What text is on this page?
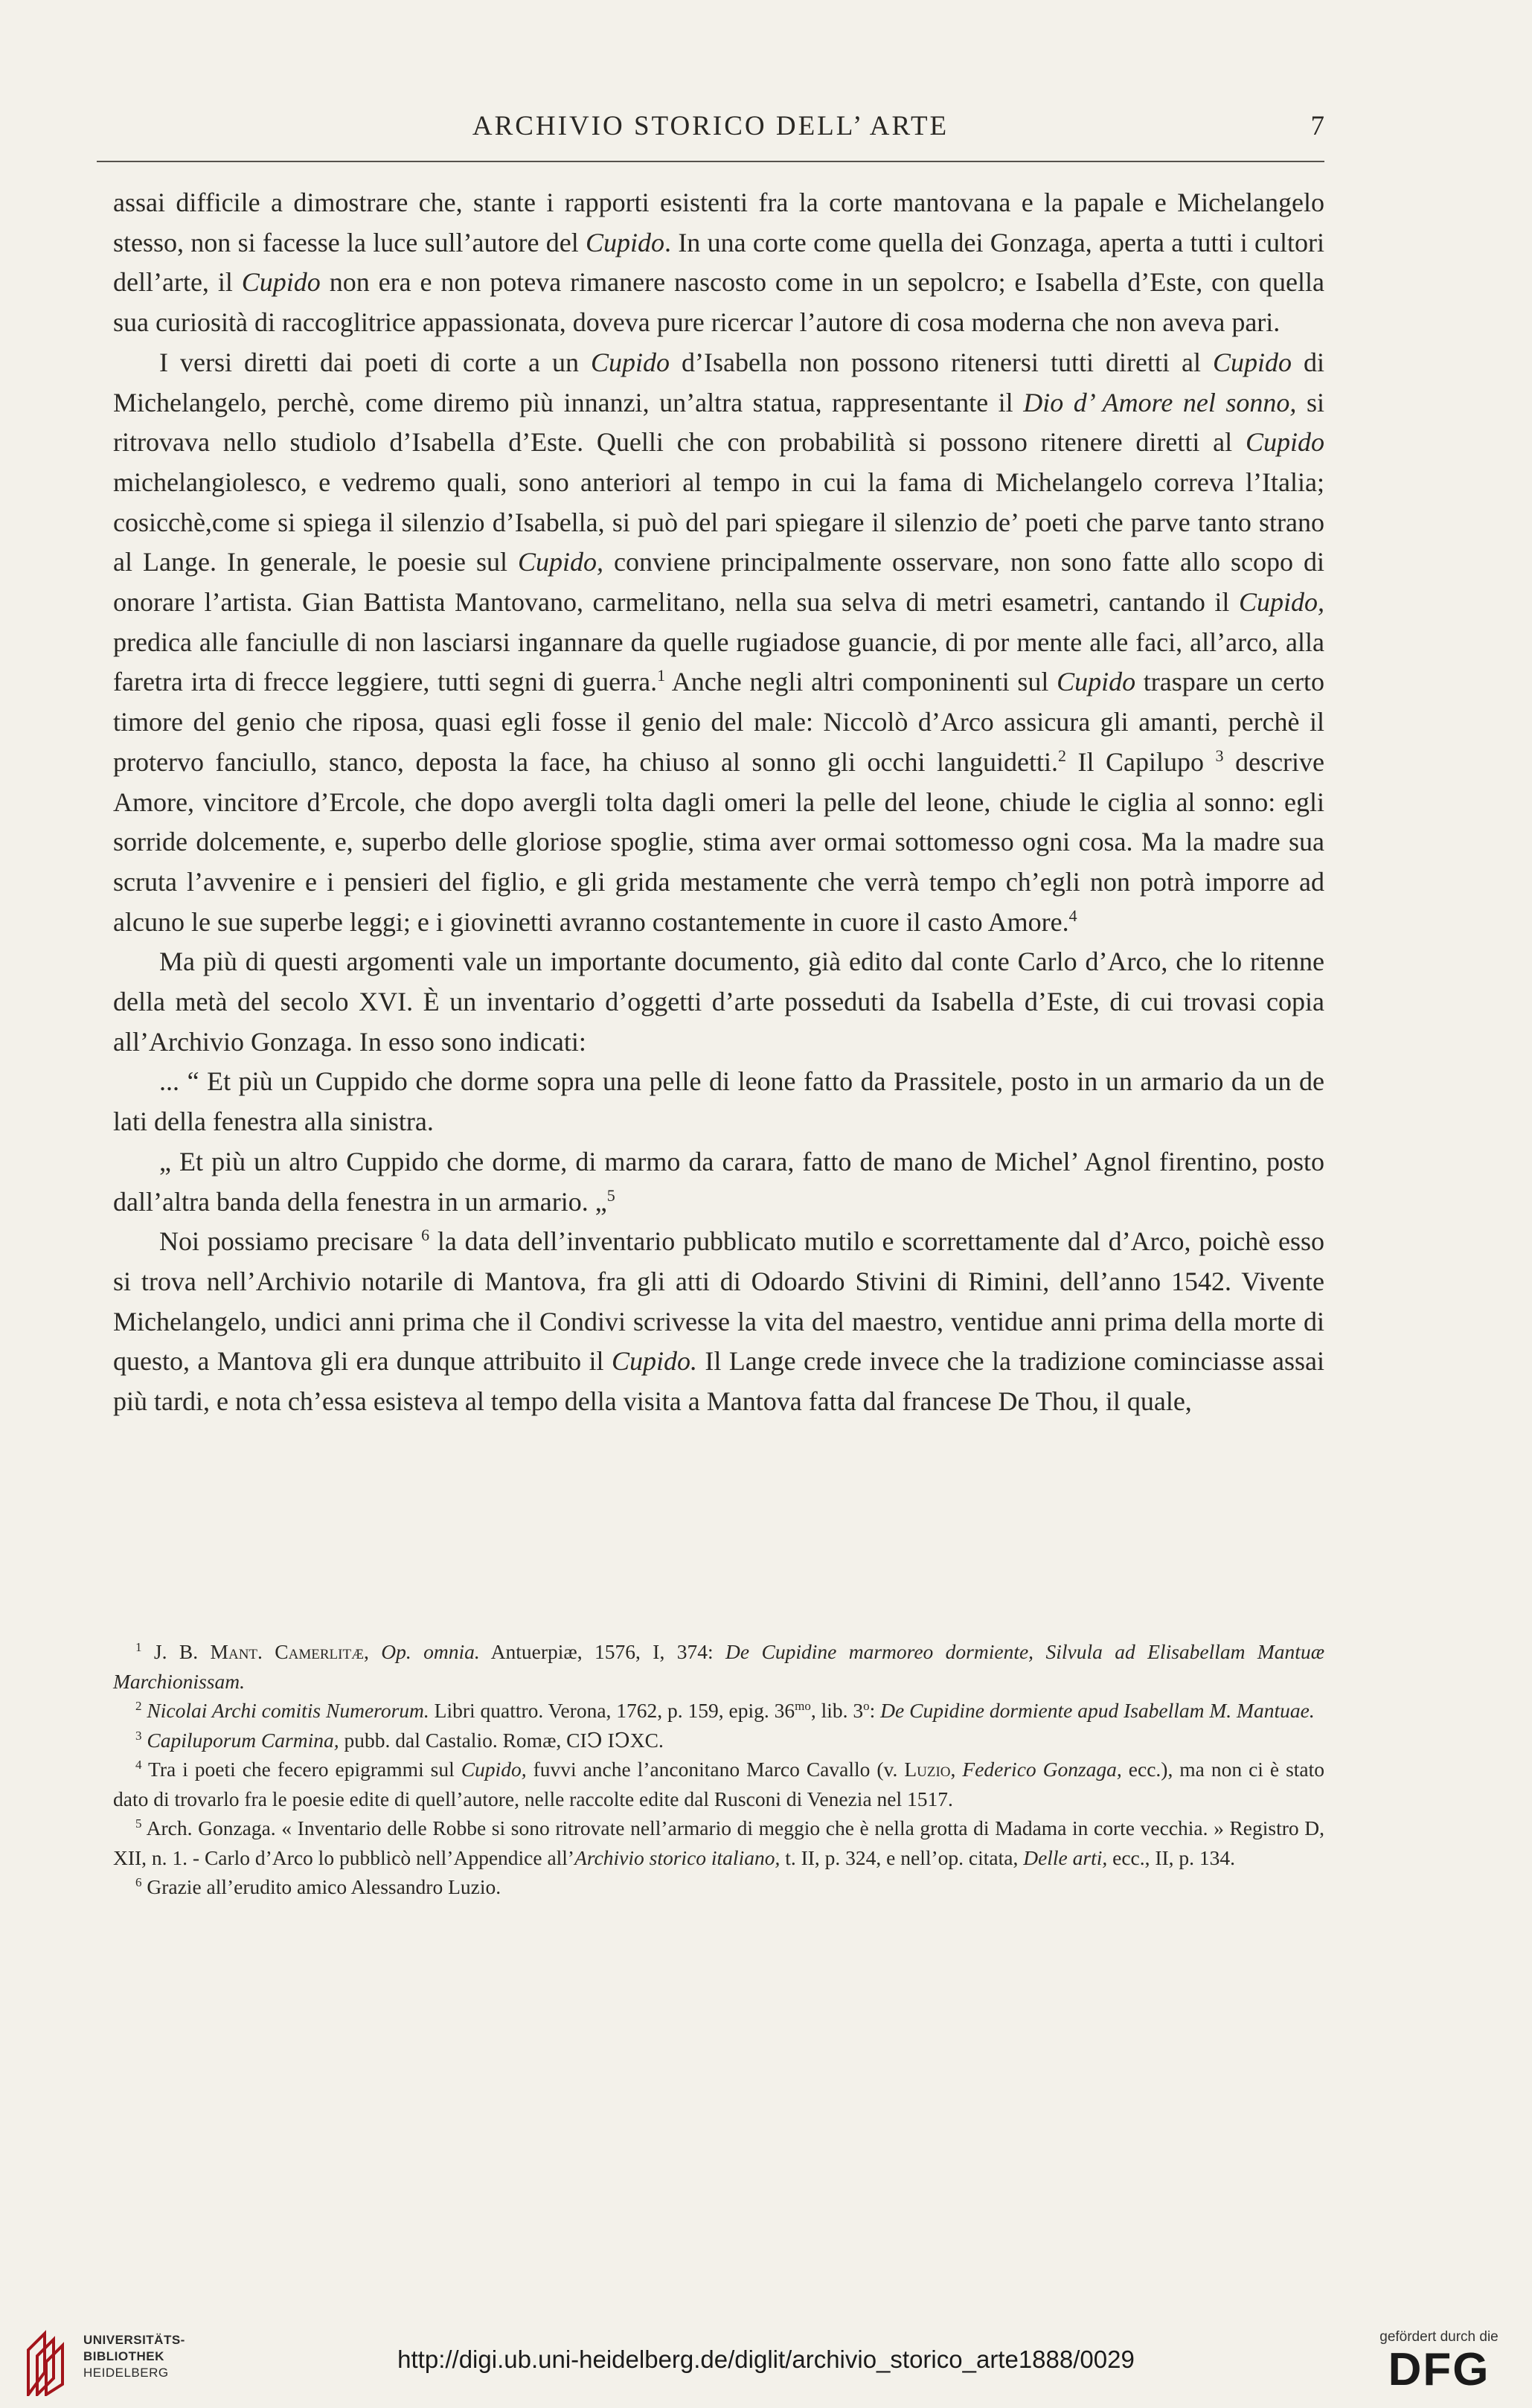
ARCHIVIO STORICO DELL’ ARTE	7

assai difficile a dimostrare che, stante i rapporti esistenti fra la corte mantovana e la papale e Michelangelo stesso, non si facesse la luce sull’autore del Cupido. In una corte come quella dei Gonzaga, aperta a tutti i cultori dell’arte, il Cupido non era e non poteva rimanere nascosto come in un sepolcro; e Isabella d’Este, con quella sua curiosità di raccoglitrice appassionata, doveva pure ricercar l’autore di cosa moderna che non aveva pari.

I versi diretti dai poeti di corte a un Cupido d’Isabella non possono ritenersi tutti diretti al Cupido di Michelangelo, perchè, come diremo più innanzi, un’altra statua, rappresentante il Dio d’ Amore nel sonno, si ritrovava nello studiolo d’Isabella d’Este. Quelli che con probabilità si possono ritenere diretti al Cupido michelangiolesco, e vedremo quali, sono anteriori al tempo in cui la fama di Michelangelo correva l’Italia; cosicchè,come si spiega il silenzio d’Isabella, si può del pari spiegare il silenzio de’ poeti che parve tanto strano al Lange. In generale, le poesie sul Cupido, conviene principalmente osservare, non sono fatte allo scopo di onorare l’artista. Gian Battista Mantovano, carmelitano, nella sua selva di metri esametri, cantando il Cupido, predica alle fanciulle di non lasciarsi ingannare da quelle rugiadose guancie, di por mente alle faci, all’arco, alla faretra irta di frecce leggiere, tutti segni di guerra.$^1$ Anche negli altri componinenti sul Cupido traspare un certo timore del genio che riposa, quasi egli fosse il genio del male: Niccolò d’Arco assicura gli amanti, perchè il protervo fanciullo, stanco, deposta la face, ha chiuso al sonno gli occhi languidetti.$^2$ Il Capilupo $^3$ descrive Amore, vincitore d’Ercole, che dopo avergli tolta dagli omeri la pelle del leone, chiude le ciglia al sonno: egli sorride dolcemente, e, superbo delle gloriose spoglie, stima aver ormai sottomesso ogni cosa. Ma la madre sua scruta l’avvenire e i pensieri del figlio, e gli grida mestamente che verrà tempo ch’egli non potrà imporre ad alcuno le sue superbe leggi; e i giovinetti avranno costantemente in cuore il casto Amore.$^4$

Ma più di questi argomenti vale un importante documento, già edito dal conte Carlo d’Arco, che lo ritenne della metà del secolo XVI. È un inventario d’oggetti d’arte posseduti da Isabella d’Este, di cui trovasi copia all’Archivio Gonzaga. In esso sono indicati:

... “ Et più un Cuppido che dorme sopra una pelle di leone fatto da Prassitele, posto in un armario da un de lati della fenestra alla sinistra.

„ Et più un altro Cuppido che dorme, di marmo da carara, fatto de mano de Michel’ Agnol firentino, posto dall’altra banda della fenestra in un armario. „$^5$

Noi possiamo precisare $^6$ la data dell’inventario pubblicato mutilo e scorrettamente dal d’Arco, poichè esso si trova nell’Archivio notarile di Mantova, fra gli atti di Odoardo Stivini di Rimini, dell’anno 1542. Vivente Michelangelo, undici anni prima che il Condivi scrivesse la vita del maestro, ventidue anni prima della morte di questo, a Mantova gli era dunque attribuito il Cupido. Il Lange crede invece che la tradizione cominciasse assai più tardi, e nota ch’essa esisteva al tempo della visita a Mantova fatta dal francese De Thou, il quale,

$^1$ J. B. Mant. Camerlitæ, Op. omnia. Antuerpiæ, 1576, I, 374: De Cupidine marmoreo dormiente, Silvula ad Elisabellam Mantuæ Marchionissam.

$^2$ Nicolai Archi comitis Numerorum. Libri quattro. Verona, 1762, p. 159, epig. $36^{mo}$, lib. 3$^o$: De Cupidine dormiente apud Isabellam M. Mantuae.

$^3$ Capiluporum Carmina, pubb. dal Castalio. Romæ, CIↃ IↃXC.

$^4$ Tra i poeti che fecero epigrammi sul Cupido, fuvvi anche l’anconitano Marco Cavallo (v. Luzio, Federico Gonzaga, ecc.), ma non ci è stato dato di trovarlo fra le poesie edite di quell’autore, nelle raccolte edite dal Rusconi di Venezia nel 1517.

$^5$ Arch. Gonzaga. « Inventario delle Robbe si sono ritrovate nell’armario di meggio che è nella grotta di Madama in corte vecchia. » Registro D, XII, n. 1. - Carlo d’Arco lo pubblicò nell’Appendice all’Archivio storico italiano, t. II, p. 324, e nell’op. citata, Delle arti, ecc., II, p. 134.

$^6$ Grazie all’erudito amico Alessandro Luzio.

UNIVERSITÄTS-
BIBLIOTHEK
HEIDELBERG	http://digi.ub.uni-heidelberg.de/diglit/archivio_storico_arte1888/0029
gefördert durch die
DFG
